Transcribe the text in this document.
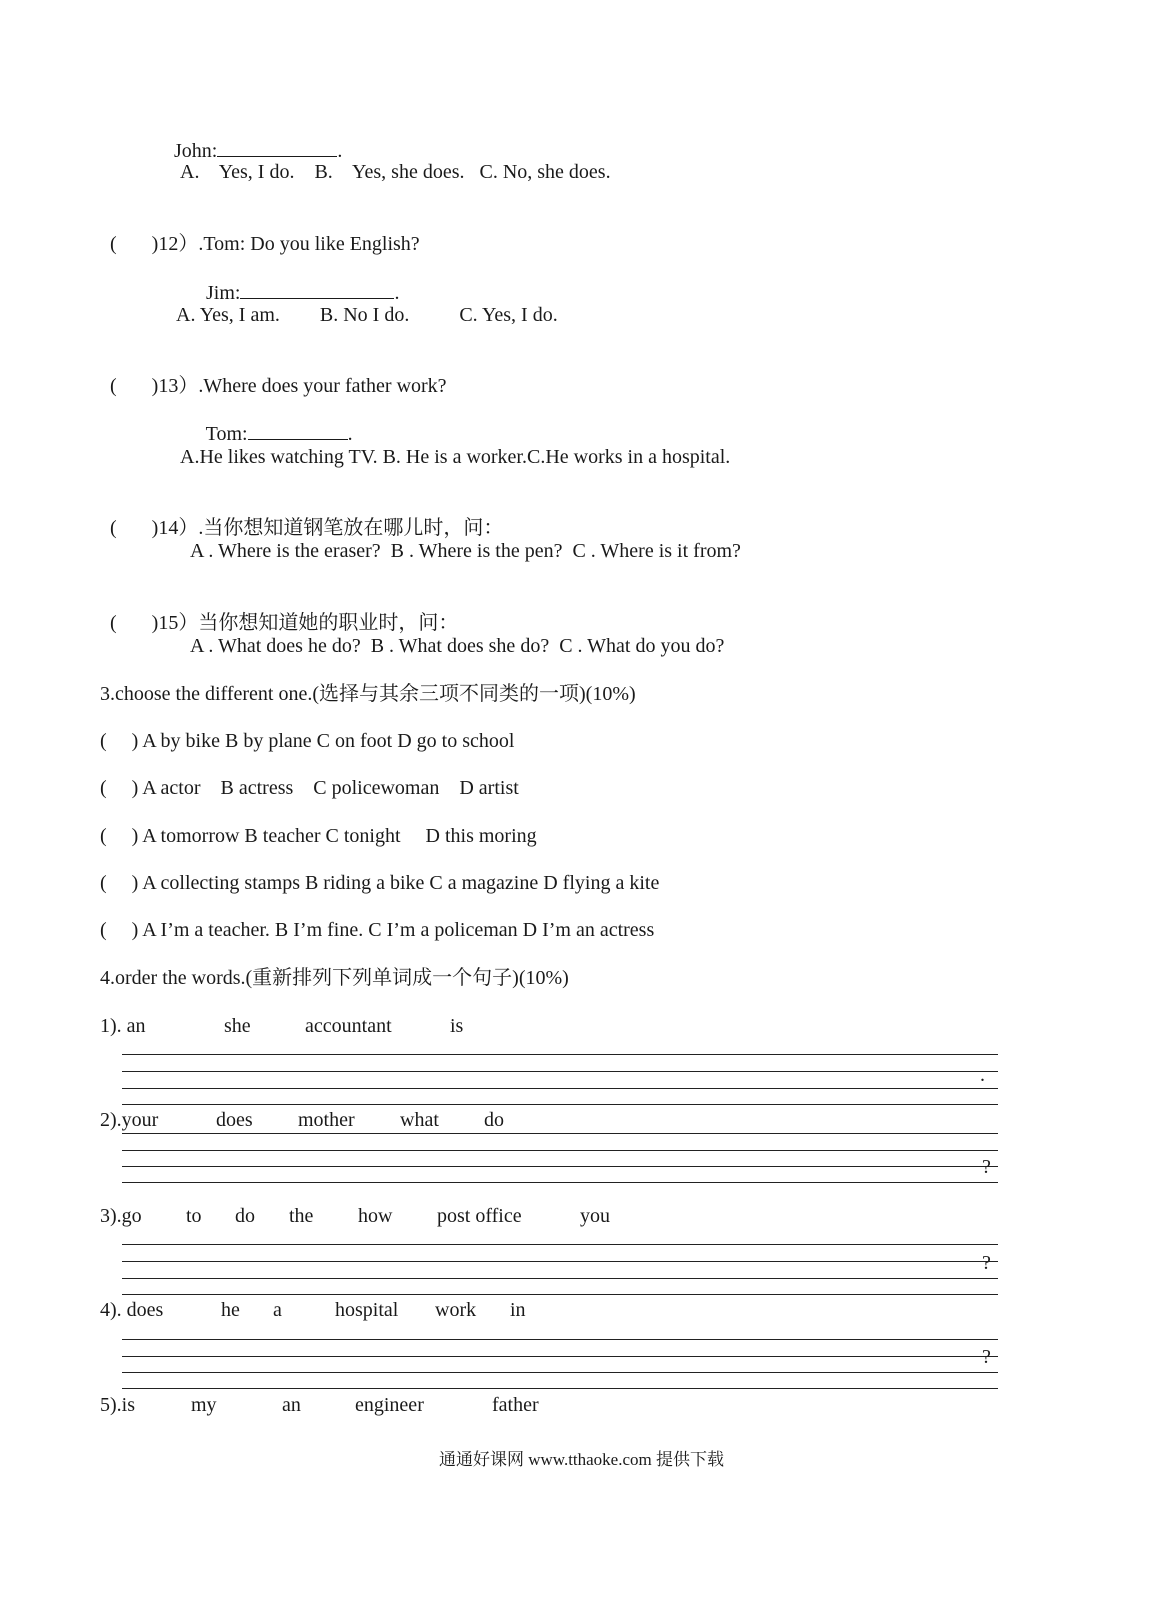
John:	.

A.    Yes, I do.    B.    Yes, she does.   C. No, she does.

(       )12）.Tom: Do you like English?

Jim:	.

A. Yes, I am.        B. No I do.          C. Yes, I do.

(       )13）.Where does your father work?

Tom:	.

A.He likes watching TV. B. He is a worker.C.He works in a hospital.

(       )14）.当你想知道钢笔放在哪儿时，问：

A . Where is the eraser?  B . Where is the pen?  C . Where is it from?

(       )15）当你想知道她的职业时，问：

A . What does he do?  B . What does she do?  C . What do you do?
3.choose the different one.(选择与其余三项不同类的一项)(10%)
(     ) A by bike B by plane C on foot D go to school
(     ) A actor    B actress    C policewoman    D artist
(     ) A tomorrow B teacher C tonight     D this moring
(     ) A collecting stamps B riding a bike C a magazine D flying a kite
(     ) A I’m a teacher. B I’m fine. C I’m a policeman D I’m an actress
4.order the words.(重新排列下列单词成一个句子)(10%)
1). an	she	accountant	is
.
2).your	does mother what do
?
3).go to do the how post office	you
?
4). does	he a	hospital work in
?
5).is	my	an	engineer	father
通通好课网 www.tthaoke.com 提供下载
